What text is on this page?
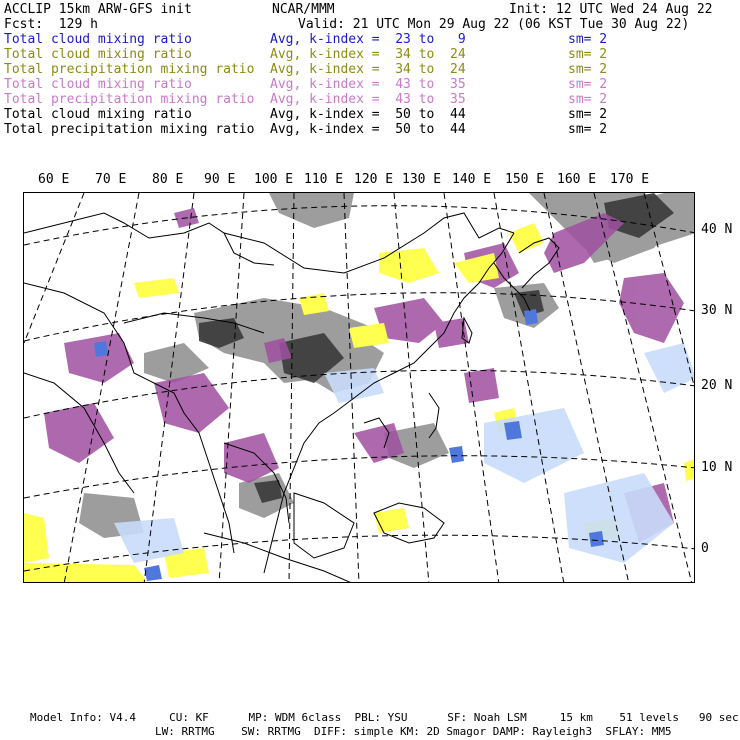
ACCLIP 15km ARW-GFS init	NCAR/MMM	Init: 12 UTC Wed 24 Aug 22
Fcst:  129 h	Valid: 21 UTC Mon 29 Aug 22 (06 KST Tue 30 Aug 22)
Total cloud mixing ratio	Avg, k-index =  23 to   9	sm= 2
Total cloud mixing ratio	Avg, k-index =  34 to  24	sm= 2
Total precipitation mixing ratio Avg, k-index =  34 to  24	sm= 2
Total cloud mixing ratio	Avg, k-index =  43 to  35	sm= 2
Total precipitation mixing ratio Avg, k-index =  43 to  35	sm= 2
Total cloud mixing ratio	Avg, k-index =  50 to  44	sm= 2
Total precipitation mixing ratio Avg, k-index =  50 to  44	sm= 2
60 E 70 E 80 E 90 E 100 E 110 E 120 E 130 E 140 E 150 E 160 E 170 E
40 N
30 N
20 N
10 N
0
Model Info: V4.4     CU: KF      MP: WDM 6class  PBL: YSU      SF: Noah LSM     15 km    51 levels   90 sec
LW: RRTMG    SW: RRTMG  DIFF: simple KM: 2D Smagor DAMP: Rayleigh3  SFLAY: MM5
